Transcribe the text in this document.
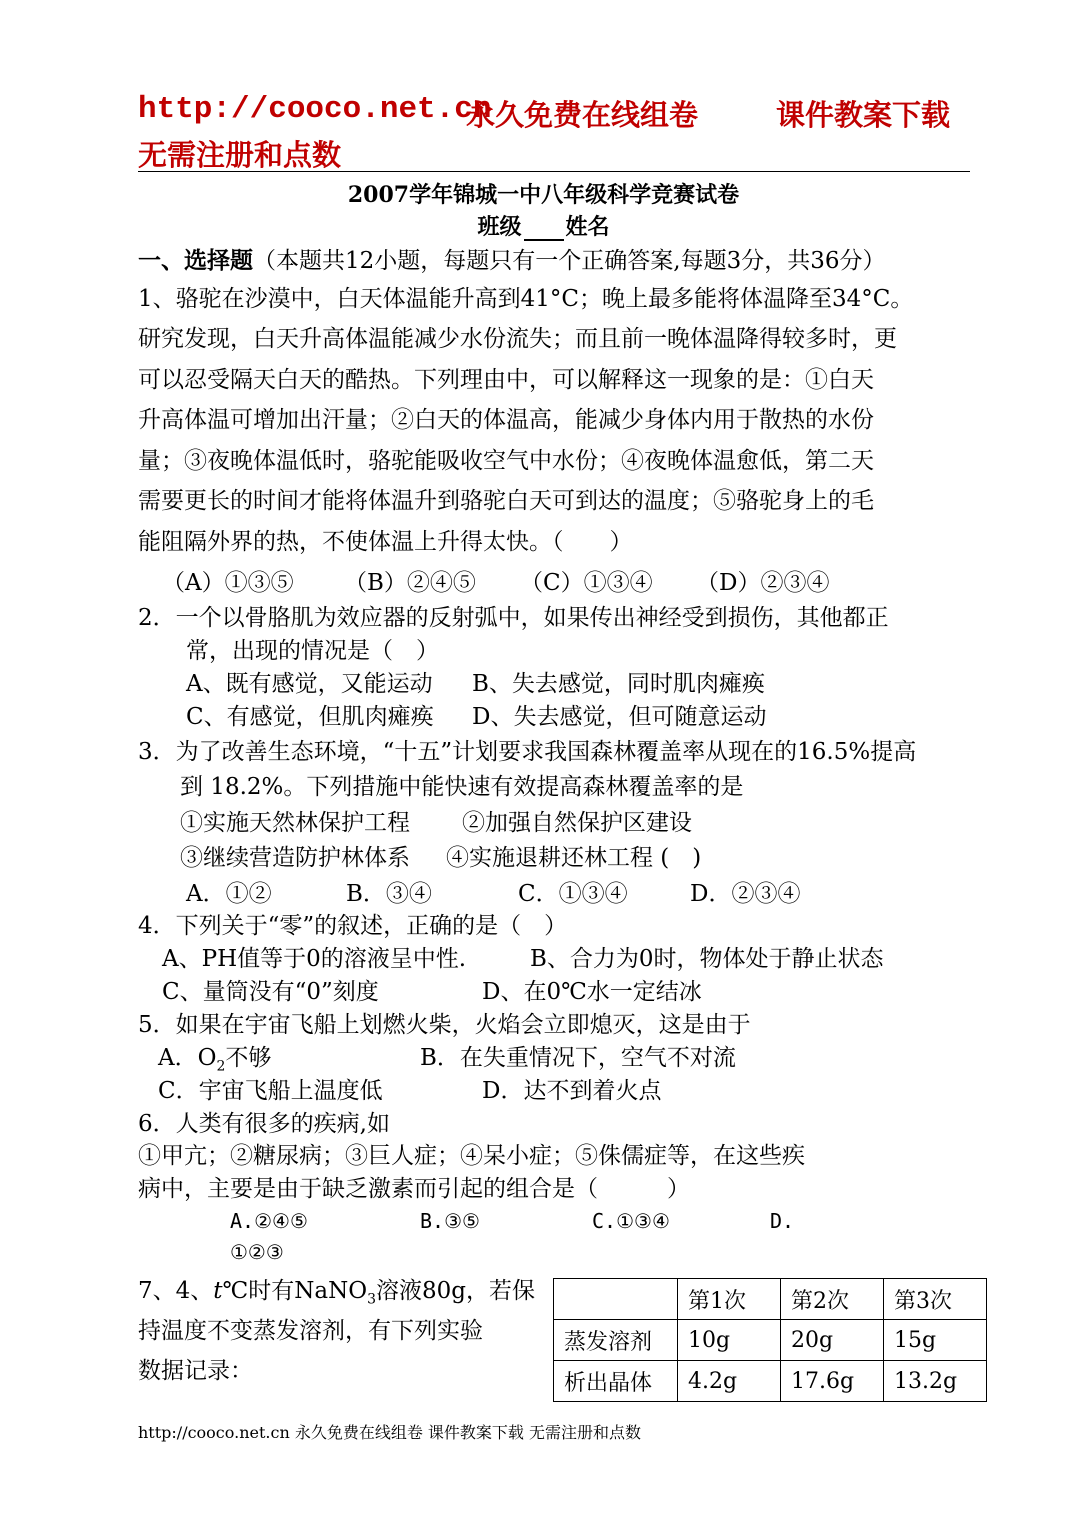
http://cooco.net.cn
永久免费在线组卷	课件教案下载
无需注册和点数
2007学年锦城一中八年级科学竞赛试卷
班级 姓名
一、选择题（本题共12小题，每题只有一个正确答案,每题3分，共36分）
1、骆驼在沙漠中，白天体温能升高到41°C；晚上最多能将体温降至34°C。
研究发现，白天升高体温能减少水份流失；而且前一晚体温降得较多时，更
可以忍受隔天白天的酷热。下列理由中，可以解释这一现象的是：①白天
升高体温可增加出汗量；②白天的体温高，能减少身体内用于散热的水份
量；③夜晚体温低时，骆驼能吸收空气中水份；④夜晚体温愈低，第二天
需要更长的时间才能将体温升到骆驼白天可到达的温度；⑤骆驼身上的毛
能阻隔外界的热，不使体温上升得太快。（　　）
（A）①③⑤ （B）②④⑤ （C）①③④ （D）②③④
2．一个以骨胳肌为效应器的反射弧中，如果传出神经受到损伤，其他都正
常，出现的情况是（　）
A、既有感觉，又能运动 B、失去感觉，同时肌肉瘫痪
C、有感觉，但肌肉瘫痪 D、失去感觉，但可随意运动
3．为了改善生态环境，“十五”计划要求我国森林覆盖率从现在的16.5%提高
到 18.2%。下列措施中能快速有效提高森林覆盖率的是
①实施天然林保护工程 ②加强自然保护区建设
③继续营造防护林体系 ④实施退耕还林工程 (　)
A．①②	B．③④	C．①③④	D．②③④
4．下列关于“零”的叙述，正确的是（　）
A、PH值等于0的溶液呈中性.	B、合力为0时，物体处于静止状态
C、量筒没有“0”刻度	D、在0℃水一定结冰
5．如果在宇宙飞船上划燃火柴，火焰会立即熄灭，这是由于
A．$O_2$不够	B．在失重情况下，空气不对流
C．宇宙飞船上温度低	D．达不到着火点
6．人类有很多的疾病,如
①甲亢；②糖尿病；③巨人症；④呆小症；⑤侏儒症等，在这些疾
病中，主要是由于缺乏激素而引起的组合是（　　　）
A.②④⑤	B.③⑤	C.①③④	D.
①②③
7、4、t℃时有NaNO$_3$溶液80g，若保
持温度不变蒸发溶剂，有下列实验
数据记录：
	第1次	第2次	第3次
蒸发溶剂	10g	20g	15g
析出晶体	4.2g	17.6g	13.2g
http://cooco.net.cn 永久免费在线组卷 课件教案下载 无需注册和点数
